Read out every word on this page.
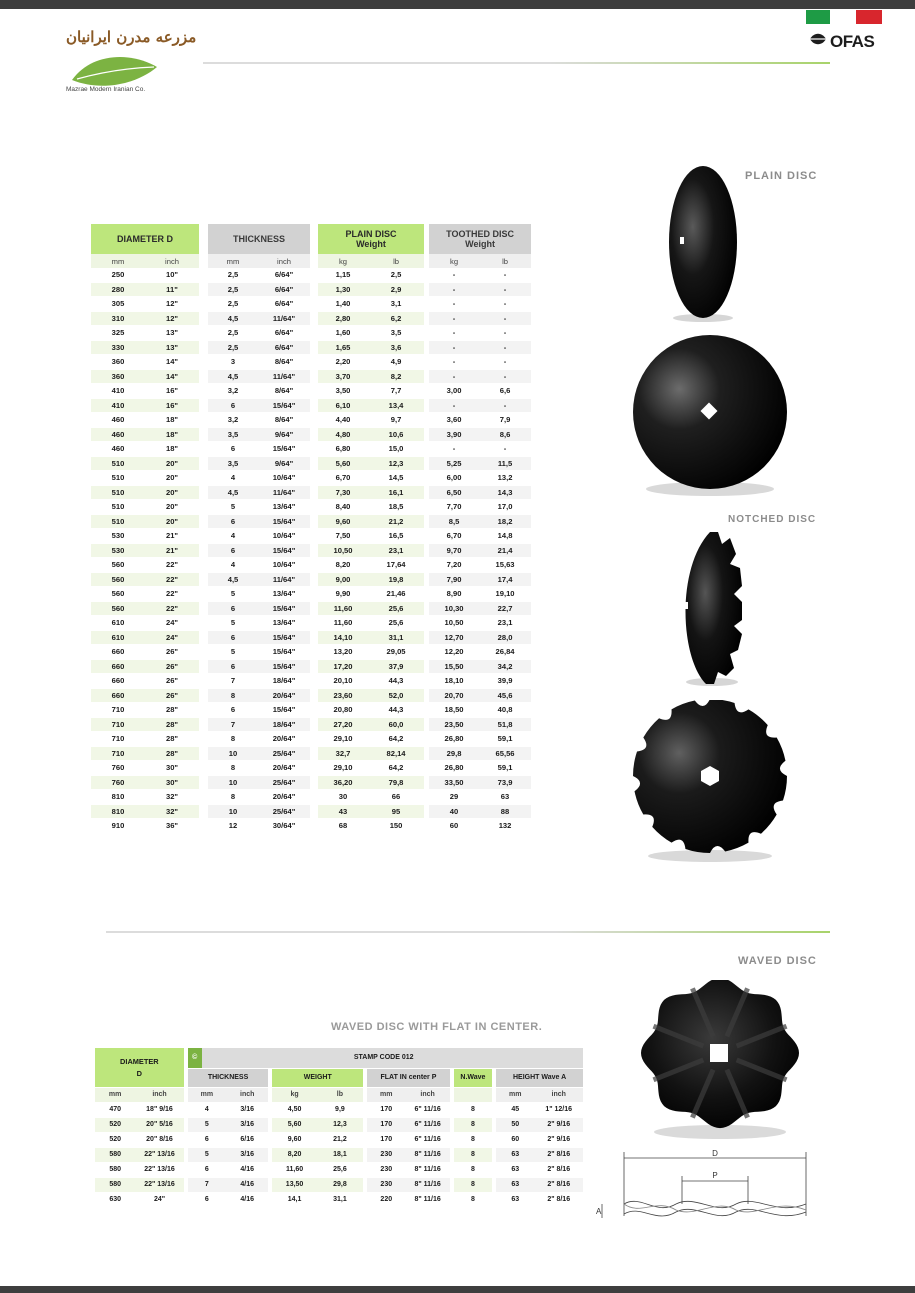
مزرعه مدرن ایرانیان
Mazrae Modern Iranian Co.
OFAS
PLAIN DISC
NOTCHED DISC
DIAMETER D			THICKNESS			PLAIN DISC
Weight			TOOTHED DISC
Weight	
mm	inch		mm	inch		kg	lb		kg	lb
250	10"		2,5	6/64"		1,15	2,5		-	-
280	11"		2,5	6/64"		1,30	2,9		-	-
305	12"		2,5	6/64"		1,40	3,1		-	-
310	12"		4,5	11/64"		2,80	6,2		-	-
325	13"		2,5	6/64"		1,60	3,5		-	-
330	13"		2,5	6/64"		1,65	3,6		-	-
360	14"		3	8/64"		2,20	4,9		-	-
360	14"		4,5	11/64"		3,70	8,2		-	-
410	16"		3,2	8/64"		3,50	7,7		3,00	6,6
410	16"		6	15/64"		6,10	13,4		-	-
460	18"		3,2	8/64"		4,40	9,7		3,60	7,9
460	18"		3,5	9/64"		4,80	10,6		3,90	8,6
460	18"		6	15/64"		6,80	15,0		-	-
510	20"		3,5	9/64"		5,60	12,3		5,25	11,5
510	20"		4	10/64"		6,70	14,5		6,00	13,2
510	20"		4,5	11/64"		7,30	16,1		6,50	14,3
510	20"		5	13/64"		8,40	18,5		7,70	17,0
510	20"		6	15/64"		9,60	21,2		8,5	18,2
530	21"		4	10/64"		7,50	16,5		6,70	14,8
530	21"		6	15/64"		10,50	23,1		9,70	21,4
560	22"		4	10/64"		8,20	17,64		7,20	15,63
560	22"		4,5	11/64"		9,00	19,8		7,90	17,4
560	22"		5	13/64"		9,90	21,46		8,90	19,10
560	22"		6	15/64"		11,60	25,6		10,30	22,7
610	24"		5	13/64"		11,60	25,6		10,50	23,1
610	24"		6	15/64"		14,10	31,1		12,70	28,0
660	26"		5	15/64"		13,20	29,05		12,20	26,84
660	26"		6	15/64"		17,20	37,9		15,50	34,2
660	26"		7	18/64"		20,10	44,3		18,10	39,9
660	26"		8	20/64"		23,60	52,0		20,70	45,6
710	28"		6	15/64"		20,80	44,3		18,50	40,8
710	28"		7	18/64"		27,20	60,0		23,50	51,8
710	28"		8	20/64"		29,10	64,2		26,80	59,1
710	28"		10	25/64"		32,7	82,14		29,8	65,56
760	30"		8	20/64"		29,10	64,2		26,80	59,1
760	30"		10	25/64"		36,20	79,8		33,50	73,9
810	32"		8	20/64"		30	66		29	63
810	32"		10	25/64"		43	95		40	88
910	36"		12	30/64"		68	150		60	132
WAVED DISC
WAVED DISC WITH FLAT IN CENTER.
DIAMETER
D			© STAMP CODE 012												
			THICKNESS			WEIGHT			FLAT IN center P			N.Wave		HEIGHT Wave A	
mm	inch		mm	inch		kg	lb		mm	inch				mm	inch
470	18" 9/16		4	3/16		4,50	9,9		170	6" 11/16		8		45	1" 12/16
520	20" 5/16		5	3/16		5,60	12,3		170	6" 11/16		8		50	2" 9/16
520	20" 8/16		6	6/16		9,60	21,2		170	6" 11/16		8		60	2" 9/16
580	22" 13/16		5	3/16		8,20	18,1		230	8" 11/16		8		63	2" 8/16
580	22" 13/16		6	4/16		11,60	25,6		230	8" 11/16		8		63	2" 8/16
580	22" 13/16		7	4/16		13,50	29,8		230	8" 11/16		8		63	2" 8/16
630	24"		6	4/16		14,1	31,1		220	8" 11/16		8		63	2" 8/16
D
P
A
